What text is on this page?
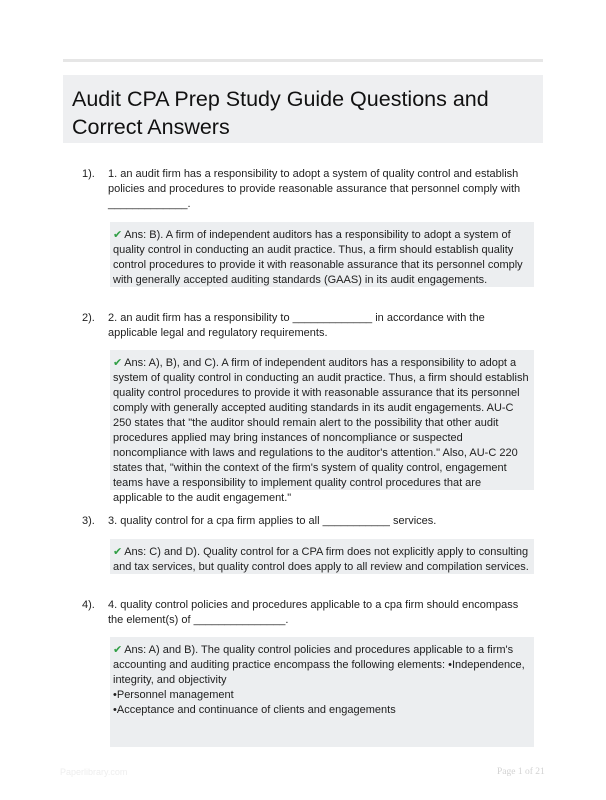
Audit CPA Prep Study Guide Questions and
Correct Answers
1). 1. an audit firm has a responsibility to adopt a system of quality control and establish policies and procedures to provide reasonable assurance that personnel comply with _____________.
✔ Ans: B). A firm of independent auditors has a responsibility to adopt a system of quality control in conducting an audit practice. Thus, a firm should establish quality control procedures to provide it with reasonable assurance that its personnel comply with generally accepted auditing standards (GAAS) in its audit engagements.
2). 2. an audit firm has a responsibility to _____________ in accordance with the applicable legal and regulatory requirements.
✔ Ans: A), B), and C). A firm of independent auditors has a responsibility to adopt a system of quality control in conducting an audit practice. Thus, a firm should establish quality control procedures to provide it with reasonable assurance that its personnel comply with generally accepted auditing standards in its audit engagements. AU-C 250 states that "the auditor should remain alert to the possibility that other audit procedures applied may bring instances of noncompliance or suspected noncompliance with laws and regulations to the auditor's attention." Also, AU-C 220 states that, "within the context of the firm's system of quality control, engagement teams have a responsibility to implement quality control procedures that are applicable to the audit engagement."
3). 3. quality control for a cpa firm applies to all ___________ services.
✔ Ans: C) and D). Quality control for a CPA firm does not explicitly apply to consulting and tax services, but quality control does apply to all review and compilation services.
4). 4. quality control policies and procedures applicable to a cpa firm should encompass the element(s) of _______________.
✔ Ans: A) and B). The quality control policies and procedures applicable to a firm's accounting and auditing practice encompass the following elements: •Independence, integrity, and objectivity
•Personnel management
•Acceptance and continuance of clients and engagements
Paperlibrary.com	Page 1 of 21
